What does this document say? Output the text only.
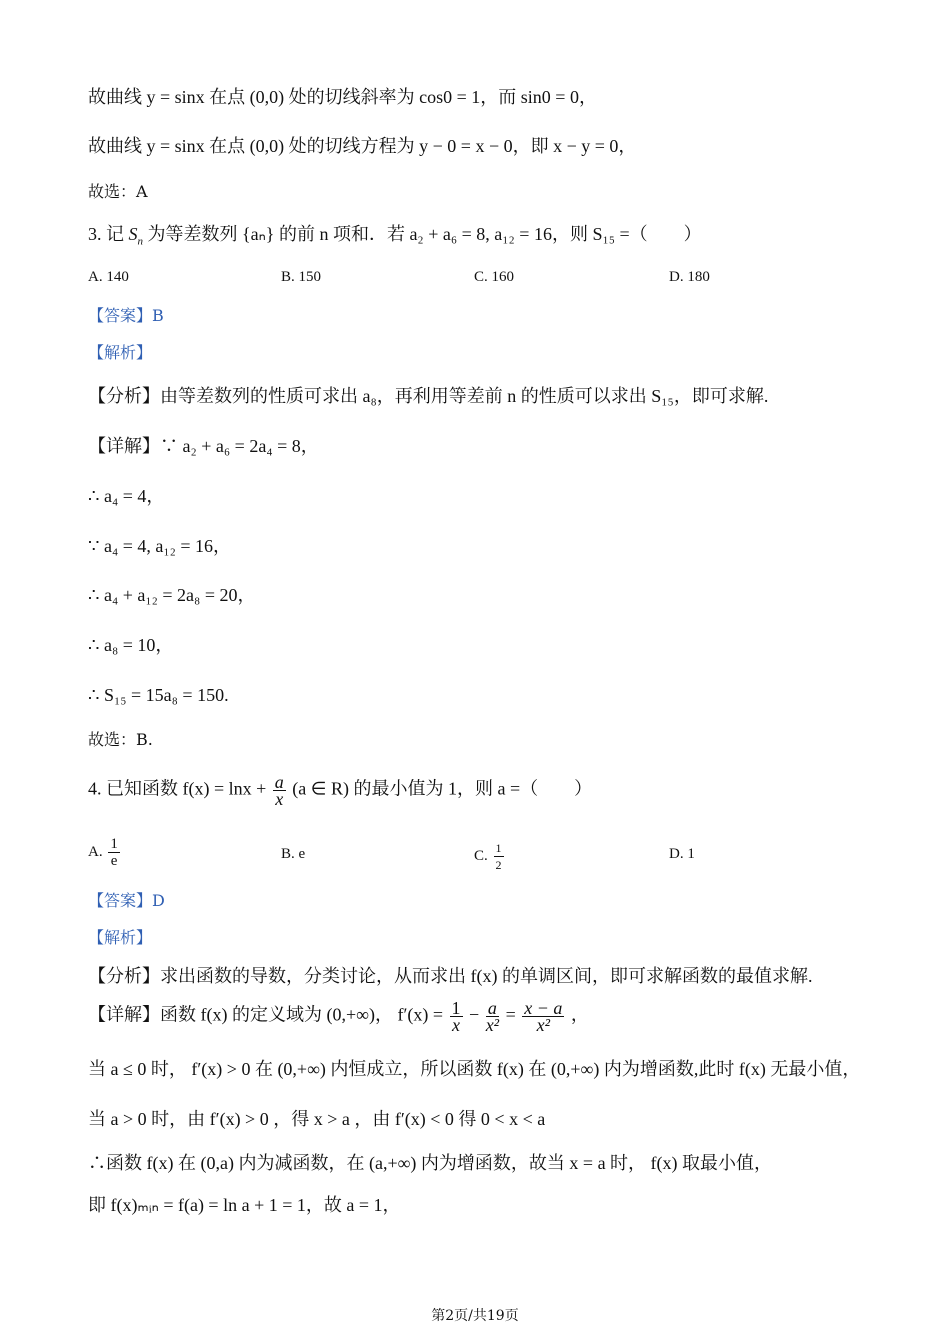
故曲线 y = sinx 在点 (0,0) 处的切线斜率为 cos0 = 1，而 sin0 = 0，
故曲线 y = sinx 在点 (0,0) 处的切线方程为 y − 0 = x − 0，即 x − y = 0，
故选：A
3. 记 $S_n$ 为等差数列 {aₙ} 的前 n 项和．若 a₂ + a₆ = 8, a₁₂ = 16，则 S₁₅ =（　　）
A. 140	B. 150	C. 160	D. 180
【答案】B
【解析】
【分析】由等差数列的性质可求出 a₈，再利用等差前 n 的性质可以求出 S₁₅，即可求解.
【详解】∵ a₂ + a₆ = 2a₄ = 8，
∴ a₄ = 4，
∵ a₄ = 4, a₁₂ = 16，
∴ a₄ + a₁₂ = 2a₈ = 20，
∴ a₈ = 10，
∴ S₁₅ = 15a₈ = 150.
故选：B.
4. 已知函数 $f(x) = \ln x + \frac{a}{x} (a$ ∈ R) 的最小值为 1，则 a =（　　）
A. $\frac{1}{e}$	B. e	C. $\frac{1}{2}$	D. 1
【答案】D
【解析】
【分析】求出函数的导数，分类讨论，从而求出 f(x) 的单调区间，即可求解函数的最值求解.
【详解】函数 f(x) 的定义域为 (0,+∞)， $f'(x) = \frac{1}{x} - \frac{a}{\text{x²}} = \frac{x - a}{\text{x²}}$ ，
当 a ≤ 0 时， f′(x) > 0 在 (0,+∞) 内恒成立，所以函数 f(x) 在 (0,+∞) 内为增函数,此时 f(x) 无最小值，
当 a > 0 时，由 f′(x) > 0 ，得 x > a ，由 f′(x) < 0 得 0 < x < a
∴函数 f(x) 在 (0,a) 内为减函数，在 (a,+∞) 内为增函数，故当 x = a 时， f(x) 取最小值，
即 f(x)ₘᵢₙ = f(a) = ln a + 1 = 1，故 a = 1，
第2页/共19页
